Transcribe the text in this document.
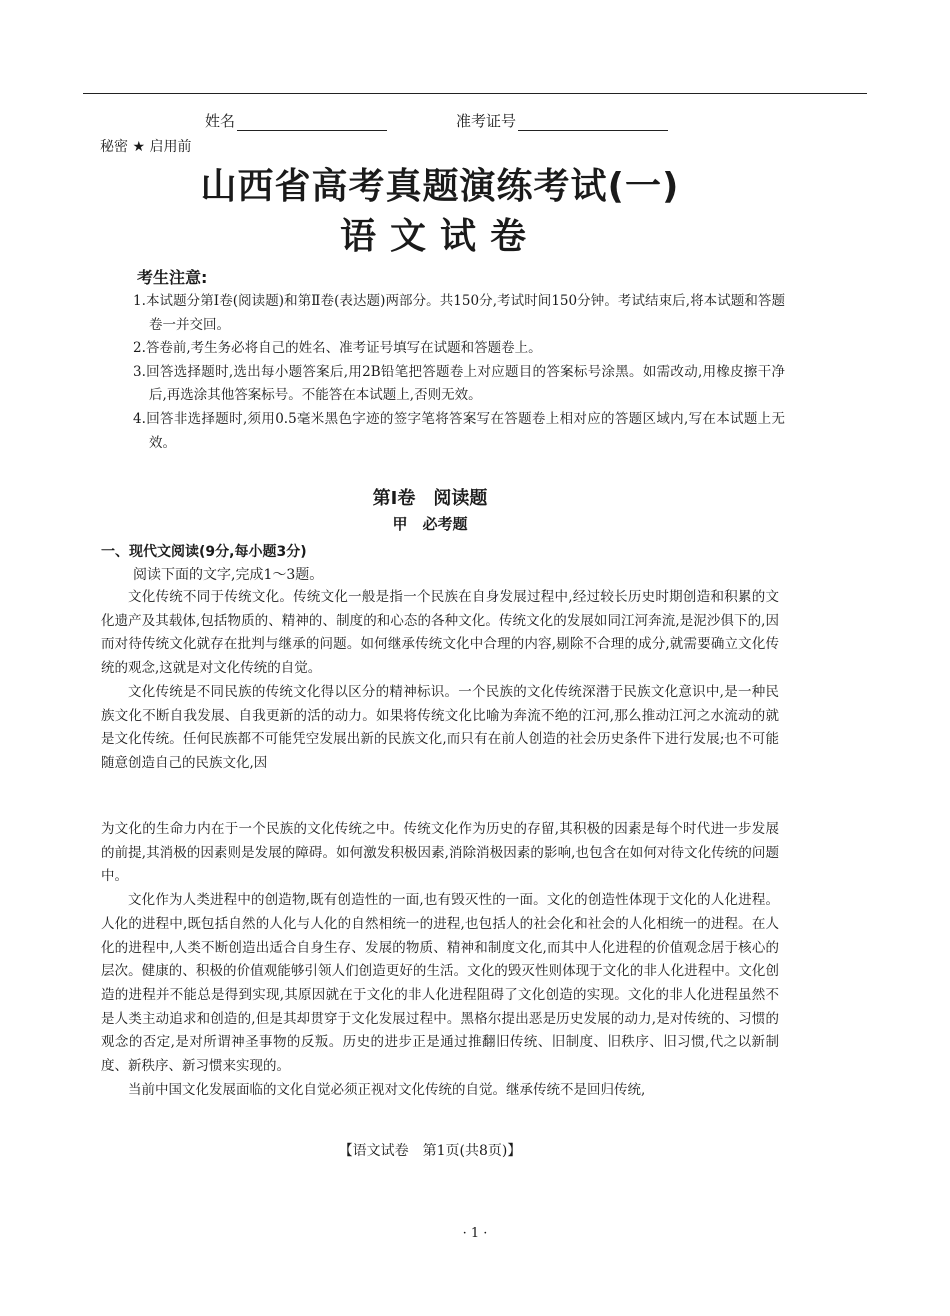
姓名	准考证号
秘密 ★ 启用前
山西省高考真题演练考试(一)
语文试卷
考生注意:

1.本试题分第Ⅰ卷(阅读题)和第Ⅱ卷(表达题)两部分。共150分,考试时间150分钟。考试结束后,将本试题和答题卷一并交回。

2.答卷前,考生务必将自己的姓名、准考证号填写在试题和答题卷上。

3.回答选择题时,选出每小题答案后,用2B铅笔把答题卷上对应题目的答案标号涂黑。如需改动,用橡皮擦干净后,再选涂其他答案标号。不能答在本试题上,否则无效。

4.回答非选择题时,须用0.5毫米黑色字迹的签字笔将答案写在答题卷上相对应的答题区域内,写在本试题上无效。

第Ⅰ卷　阅读题
甲　必考题
一、现代文阅读(9分,每小题3分)
阅读下面的文字,完成1～3题。

文化传统不同于传统文化。传统文化一般是指一个民族在自身发展过程中,经过较长历史时期创造和积累的文化遗产及其载体,包括物质的、精神的、制度的和心态的各种文化。传统文化的发展如同江河奔流,是泥沙俱下的,因而对待传统文化就存在批判与继承的问题。如何继承传统文化中合理的内容,剔除不合理的成分,就需要确立文化传统的观念,这就是对文化传统的自觉。

文化传统是不同民族的传统文化得以区分的精神标识。一个民族的文化传统深潜于民族文化意识中,是一种民族文化不断自我发展、自我更新的活的动力。如果将传统文化比喻为奔流不绝的江河,那么推动江河之水流动的就是文化传统。任何民族都不可能凭空发展出新的民族文化,而只有在前人创造的社会历史条件下进行发展;也不可能随意创造自己的民族文化,因

为文化的生命力内在于一个民族的文化传统之中。传统文化作为历史的存留,其积极的因素是每个时代进一步发展的前提,其消极的因素则是发展的障碍。如何激发积极因素,消除消极因素的影响,也包含在如何对待文化传统的问题中。

文化作为人类进程中的创造物,既有创造性的一面,也有毁灭性的一面。文化的创造性体现于文化的人化进程。人化的进程中,既包括自然的人化与人化的自然相统一的进程,也包括人的社会化和社会的人化相统一的进程。在人化的进程中,人类不断创造出适合自身生存、发展的物质、精神和制度文化,而其中人化进程的价值观念居于核心的层次。健康的、积极的价值观能够引领人们创造更好的生活。文化的毁灭性则体现于文化的非人化进程中。文化创造的进程并不能总是得到实现,其原因就在于文化的非人化进程阻碍了文化创造的实现。文化的非人化进程虽然不是人类主动追求和创造的,但是其却贯穿于文化发展过程中。黑格尔提出恶是历史发展的动力,是对传统的、习惯的观念的否定,是对所谓神圣事物的反叛。历史的进步正是通过推翻旧传统、旧制度、旧秩序、旧习惯,代之以新制度、新秩序、新习惯来实现的。

当前中国文化发展面临的文化自觉必须正视对文化传统的自觉。继承传统不是回归传统,

【语文试卷　第1页(共8页)】
· 1 ·
